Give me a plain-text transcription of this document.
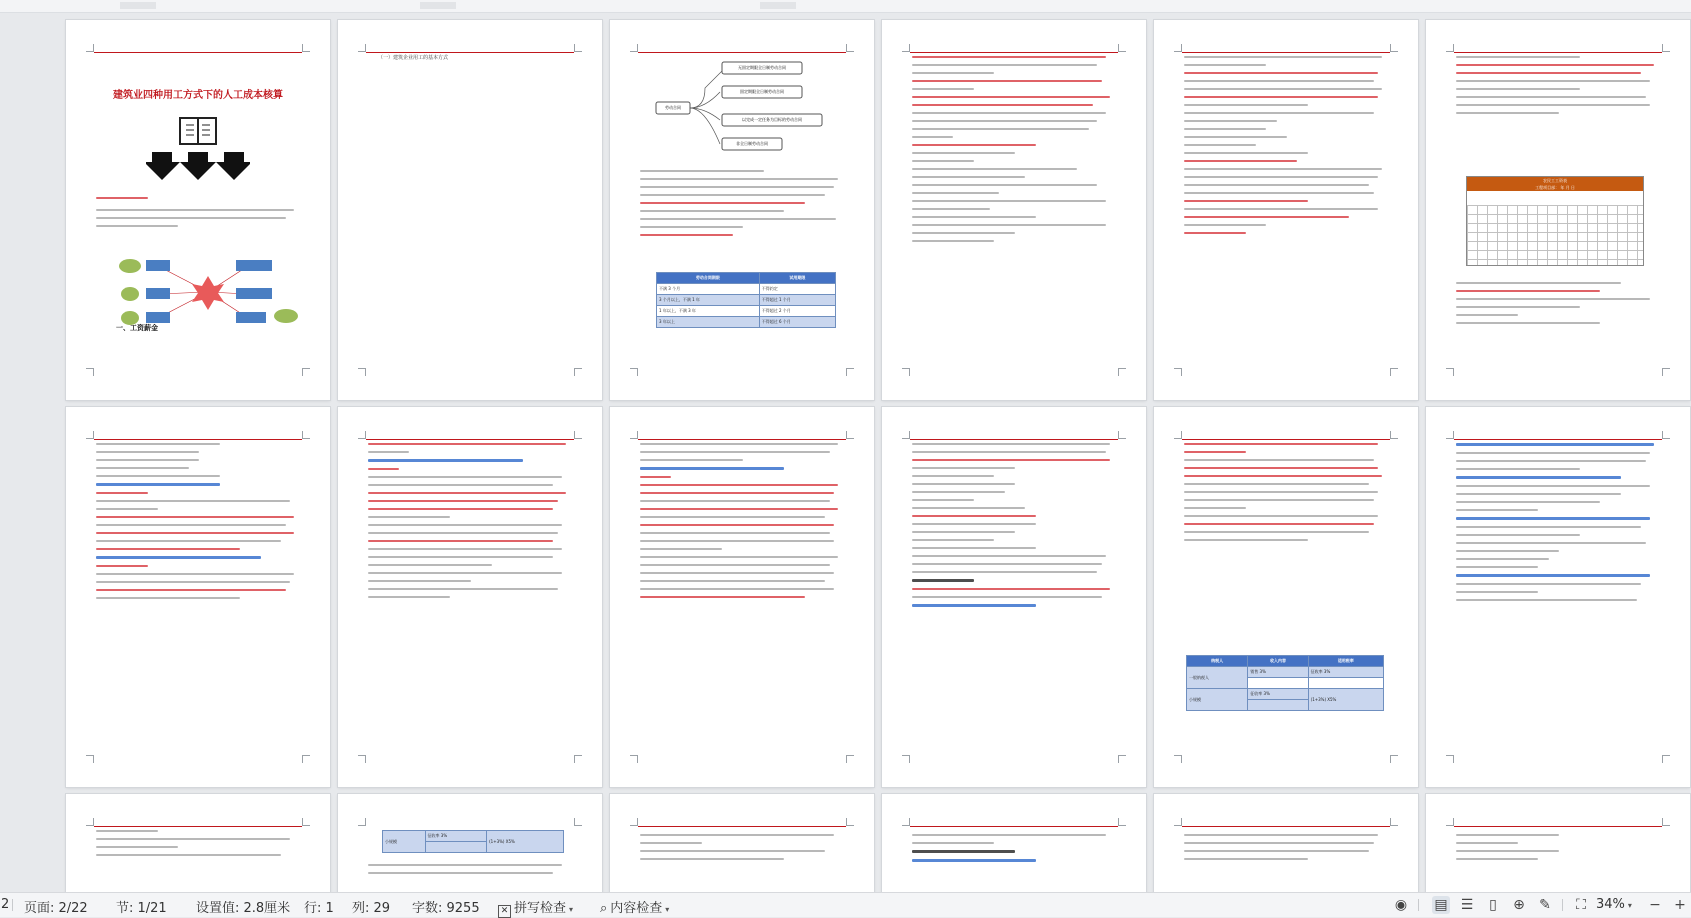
建筑业四种用工方式下的人工成本核算
一、工资薪金
（一）建筑企业用工的基本方式
劳动合同
无固定期限全日制劳动合同
固定期限全日制劳动合同
以完成一定任务为目标的劳动合同
非全日制劳动合同
劳动合同期限	试用期限
不满 3 个月	不得约定
3 个月以上，不满 1 年	不得超过 1 个月
1 年以上，不满 3 年	不得超过 2 个月
3 年以上	不得超过 6 个月
农民工工资表
工程项目部： 年 月 日
纳税人	收入内容	适用税率
一般纳税人	销售 3%	征收率 3%

小规模	征收率 3%	(1+3%) X5%

小规模	征收率 3%	(1+3%) X5%

2 页面: 2/22 节: 1/21 设置值: 2.8厘米 行: 1 列: 29 字数: 9255	✕ 拼写检查 ▾ ⌕ 内容检查 ▾	◉ ▤ ☰	▯	⊕ ✎ ⛶ 34% ▾ − +
